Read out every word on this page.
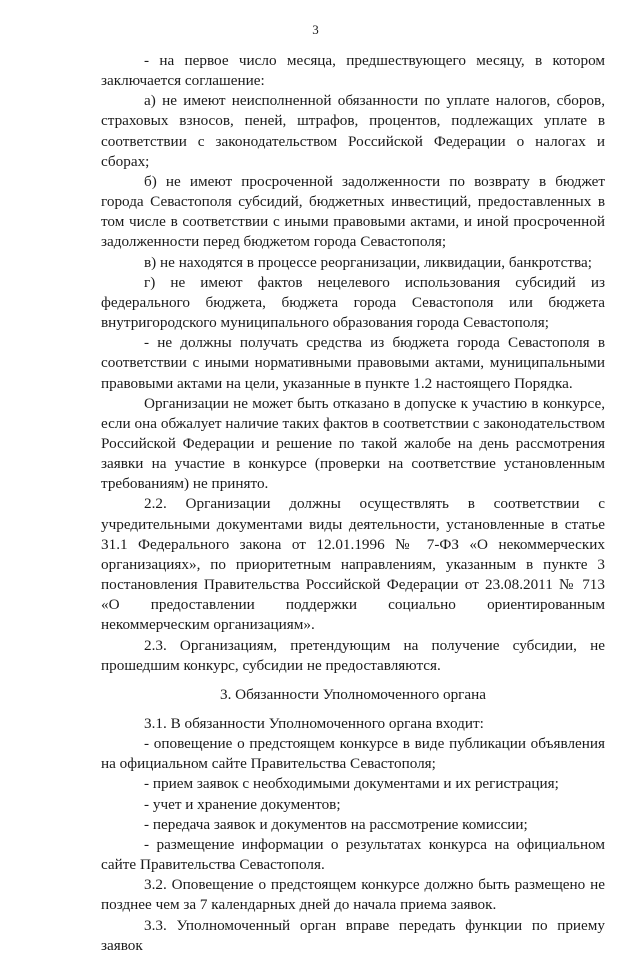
3

- на первое число месяца, предшествующего месяцу, в котором заключается соглашение:

а) не имеют неисполненной обязанности по уплате налогов, сборов, страховых взносов, пеней, штрафов, процентов, подлежащих уплате в соответствии с законодательством Российской Федерации о налогах и сборах;

б) не имеют просроченной задолженности по возврату в бюджет города Севастополя субсидий, бюджетных инвестиций, предоставленных в том числе в соответствии с иными правовыми актами, и иной просроченной задолженности перед бюджетом города Севастополя;

в) не находятся в процессе реорганизации, ликвидации, банкротства;

г) не имеют фактов нецелевого использования субсидий из федерального бюджета, бюджета города Севастополя или бюджета внутригородского муниципального образования города Севастополя;

- не должны получать средства из бюджета города Севастополя в соответствии с иными нормативными правовыми актами, муниципальными правовыми актами на цели, указанные в пункте 1.2 настоящего Порядка.

Организации не может быть отказано в допуске к участию в конкурсе, если она обжалует наличие таких фактов в соответствии с законодательством Российской Федерации и решение по такой жалобе на день рассмотрения заявки на участие в конкурсе (проверки на соответствие установленным требованиям) не принято.

2.2. Организации должны осуществлять в соответствии с учредительными документами виды деятельности, установленные в статье 31.1 Федерального закона от 12.01.1996 № 7-ФЗ «О некоммерческих организациях», по приоритетным направлениям, указанным в пункте 3 постановления Правительства Российской Федерации от 23.08.2011 № 713 «О предоставлении поддержки социально ориентированным некоммерческим организациям».

2.3. Организациям, претендующим на получение субсидии, не прошедшим конкурс, субсидии не предоставляются.

3. Обязанности Уполномоченного органа

3.1. В обязанности Уполномоченного органа входит:

- оповещение о предстоящем конкурсе в виде публикации объявления на официальном сайте Правительства Севастополя;

- прием заявок с необходимыми документами и их регистрация;

- учет и хранение документов;

- передача заявок и документов на рассмотрение комиссии;

- размещение информации о результатах конкурса на официальном сайте Правительства Севастополя.

3.2. Оповещение о предстоящем конкурсе должно быть размещено не позднее чем за 7 календарных дней до начала приема заявок.

3.3. Уполномоченный орган вправе передать функции по приему заявок
